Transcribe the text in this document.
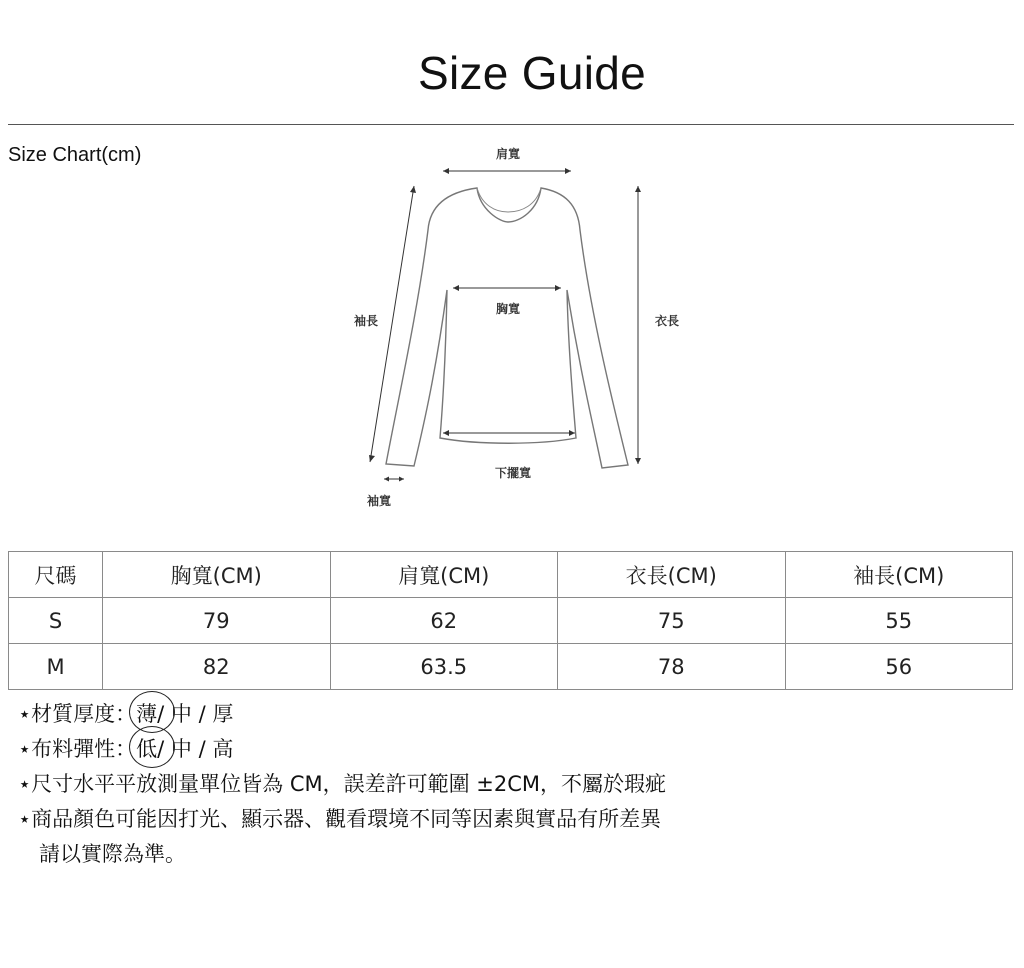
Size Guide
Size Chart(cm)	肩寬
胸寬
袖長	衣長
下擺寬
袖寬
尺碼	胸寬(CM)	肩寬(CM)	衣長(CM)	袖長(CM)
S	79	62	75	55
M	82	63.5	78	56
⋆材質厚度：薄/ 中 / 厚
⋆布料彈性：低/ 中 / 高
⋆尺寸水平平放測量單位皆為 CM，誤差許可範圍 ±2CM，不屬於瑕疵
⋆商品顏色可能因打光、顯示器、觀看環境不同等因素與實品有所差異
請以實際為準。
